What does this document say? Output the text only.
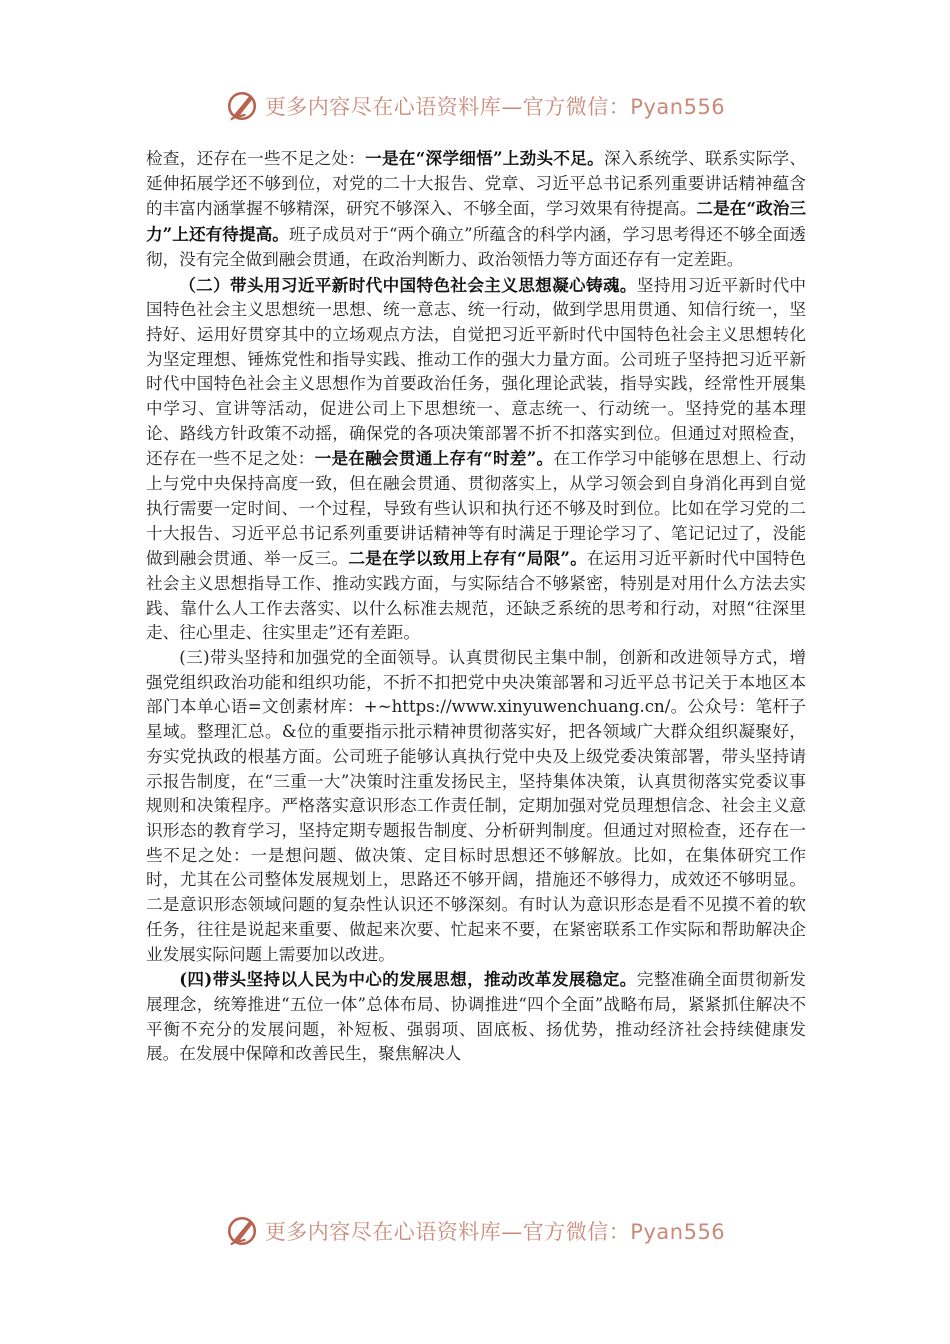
更多内容尽在心语资料库—官方微信：Pyan556

检查，还存在一些不足之处：一是在“深学细悟”上劲头不足。深入系统学、联系实际学、延伸拓展学还不够到位，对党的二十大报告、党章、习近平总书记系列重要讲话精神蕴含的丰富内涵掌握不够精深，研究不够深入、不够全面，学习效果有待提高。二是在“政治三力”上还有待提高。班子成员对于“两个确立”所蕴含的科学内涵，学习思考得还不够全面透彻，没有完全做到融会贯通，在政治判断力、政治领悟力等方面还存有一定差距。

（二）带头用习近平新时代中国特色社会主义思想凝心铸魂。坚持用习近平新时代中国特色社会主义思想统一思想、统一意志、统一行动，做到学思用贯通、知信行统一，坚持好、运用好贯穿其中的立场观点方法，自觉把习近平新时代中国特色社会主义思想转化为坚定理想、锤炼党性和指导实践、推动工作的强大力量方面。公司班子坚持把习近平新时代中国特色社会主义思想作为首要政治任务，强化理论武装，指导实践，经常性开展集中学习、宣讲等活动，促进公司上下思想统一、意志统一、行动统一。坚持党的基本理论、路线方针政策不动摇，确保党的各项决策部署不折不扣落实到位。但通过对照检查，还存在一些不足之处：一是在融会贯通上存有“时差”。在工作学习中能够在思想上、行动上与党中央保持高度一致，但在融会贯通、贯彻落实上，从学习领会到自身消化再到自觉执行需要一定时间、一个过程，导致有些认识和执行还不够及时到位。比如在学习党的二十大报告、习近平总书记系列重要讲话精神等有时满足于理论学习了、笔记记过了，没能做到融会贯通、举一反三。二是在学以致用上存有“局限”。在运用习近平新时代中国特色社会主义思想指导工作、推动实践方面，与实际结合不够紧密，特别是对用什么方法去实践、靠什么人工作去落实、以什么标准去规范，还缺乏系统的思考和行动，对照“往深里走、往心里走、往实里走”还有差距。

(三)带头坚持和加强党的全面领导。认真贯彻民主集中制，创新和改进领导方式，增强党组织政治功能和组织功能，不折不扣把党中央决策部署和习近平总书记关于本地区本部门本单心语=文创素材库：+~https://www.xinyuwenchuang.cn/。公众号：笔杆子星域。整理汇总。&位的重要指示批示精神贯彻落实好，把各领域广大群众组织凝聚好，夯实党执政的根基方面。公司班子能够认真执行党中央及上级党委决策部署，带头坚持请示报告制度，在“三重一大”决策时注重发扬民主，坚持集体决策，认真贯彻落实党委议事规则和决策程序。严格落实意识形态工作责任制，定期加强对党员理想信念、社会主义意识形态的教育学习，坚持定期专题报告制度、分析研判制度。但通过对照检查，还存在一些不足之处：一是想问题、做决策、定目标时思想还不够解放。比如，在集体研究工作时，尤其在公司整体发展规划上，思路还不够开阔，措施还不够得力，成效还不够明显。二是意识形态领域问题的复杂性认识还不够深刻。有时认为意识形态是看不见摸不着的软任务，往往是说起来重要、做起来次要、忙起来不要，在紧密联系工作实际和帮助解决企业发展实际问题上需要加以改进。

(四)带头坚持以人民为中心的发展思想，推动改革发展稳定。完整准确全面贯彻新发展理念，统筹推进“五位一体”总体布局、协调推进“四个全面”战略布局，紧紧抓住解决不平衡不充分的发展问题，补短板、强弱项、固底板、扬优势，推动经济社会持续健康发展。在发展中保障和改善民生，聚焦解决人

更多内容尽在心语资料库—官方微信：Pyan556
